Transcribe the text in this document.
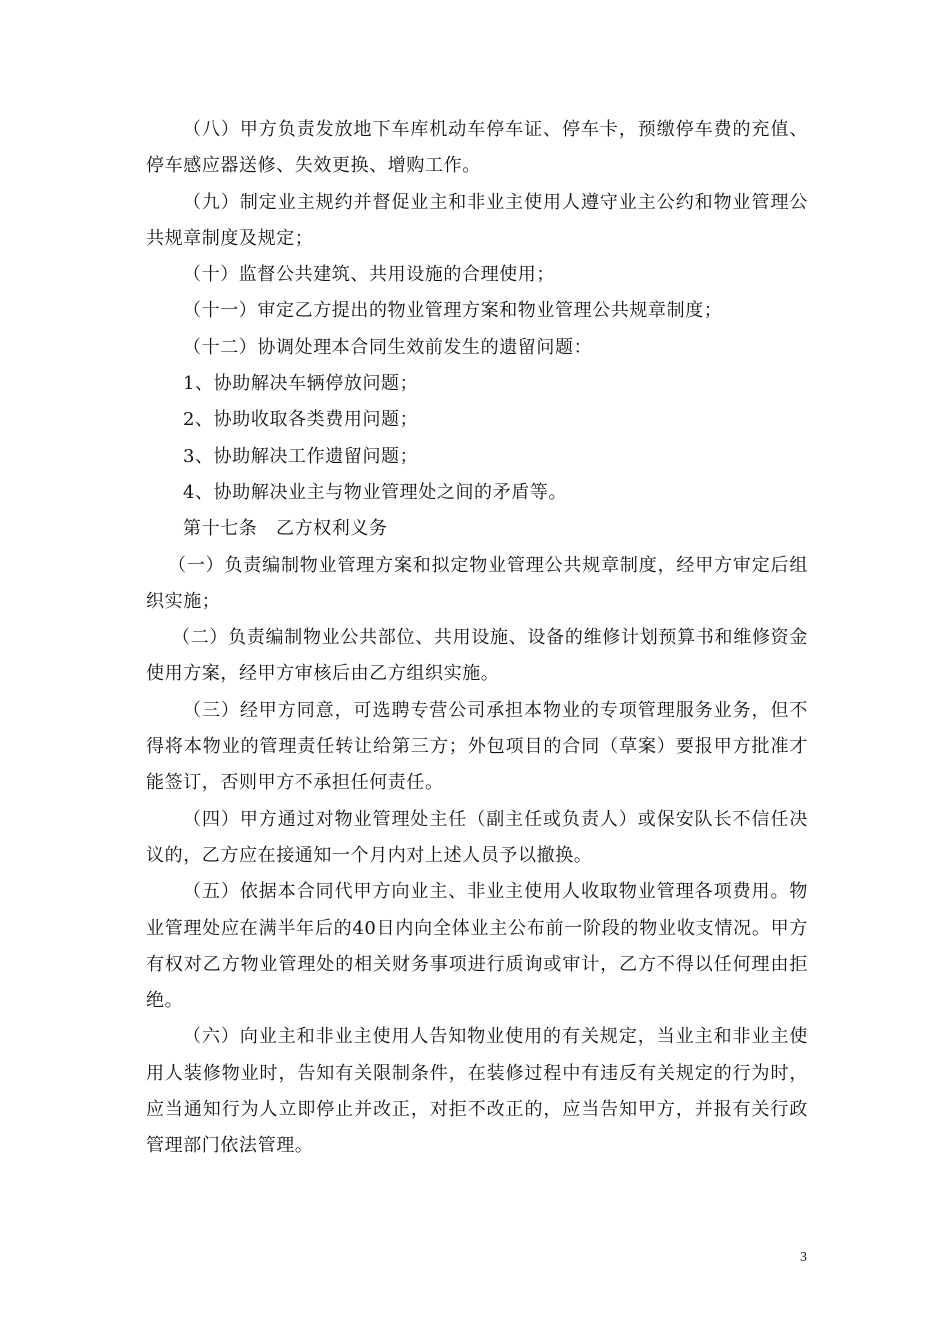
（八）甲方负责发放地下车库机动车停车证、停车卡，预缴停车费的充值、停车感应器送修、失效更换、增购工作。

（九）制定业主规约并督促业主和非业主使用人遵守业主公约和物业管理公共规章制度及规定；

（十）监督公共建筑、共用设施的合理使用；

（十一）审定乙方提出的物业管理方案和物业管理公共规章制度；

（十二）协调处理本合同生效前发生的遗留问题：

1、协助解决车辆停放问题；

2、协助收取各类费用问题；

3、协助解决工作遗留问题；

4、协助解决业主与物业管理处之间的矛盾等。

第十七条　乙方权利义务

（一）负责编制物业管理方案和拟定物业管理公共规章制度，经甲方审定后组织实施；

（二）负责编制物业公共部位、共用设施、设备的维修计划预算书和维修资金使用方案，经甲方审核后由乙方组织实施。

（三）经甲方同意，可选聘专营公司承担本物业的专项管理服务业务，但不得将本物业的管理责任转让给第三方；外包项目的合同（草案）要报甲方批准才能签订，否则甲方不承担任何责任。

（四）甲方通过对物业管理处主任（副主任或负责人）或保安队长不信任决议的，乙方应在接通知一个月内对上述人员予以撤换。

（五）依据本合同代甲方向业主、非业主使用人收取物业管理各项费用。物业管理处应在满半年后的40日内向全体业主公布前一阶段的物业收支情况。甲方有权对乙方物业管理处的相关财务事项进行质询或审计，乙方不得以任何理由拒绝。

（六）向业主和非业主使用人告知物业使用的有关规定，当业主和非业主使用人装修物业时，告知有关限制条件，在装修过程中有违反有关规定的行为时，应当通知行为人立即停止并改正，对拒不改正的，应当告知甲方，并报有关行政管理部门依法管理。

3
